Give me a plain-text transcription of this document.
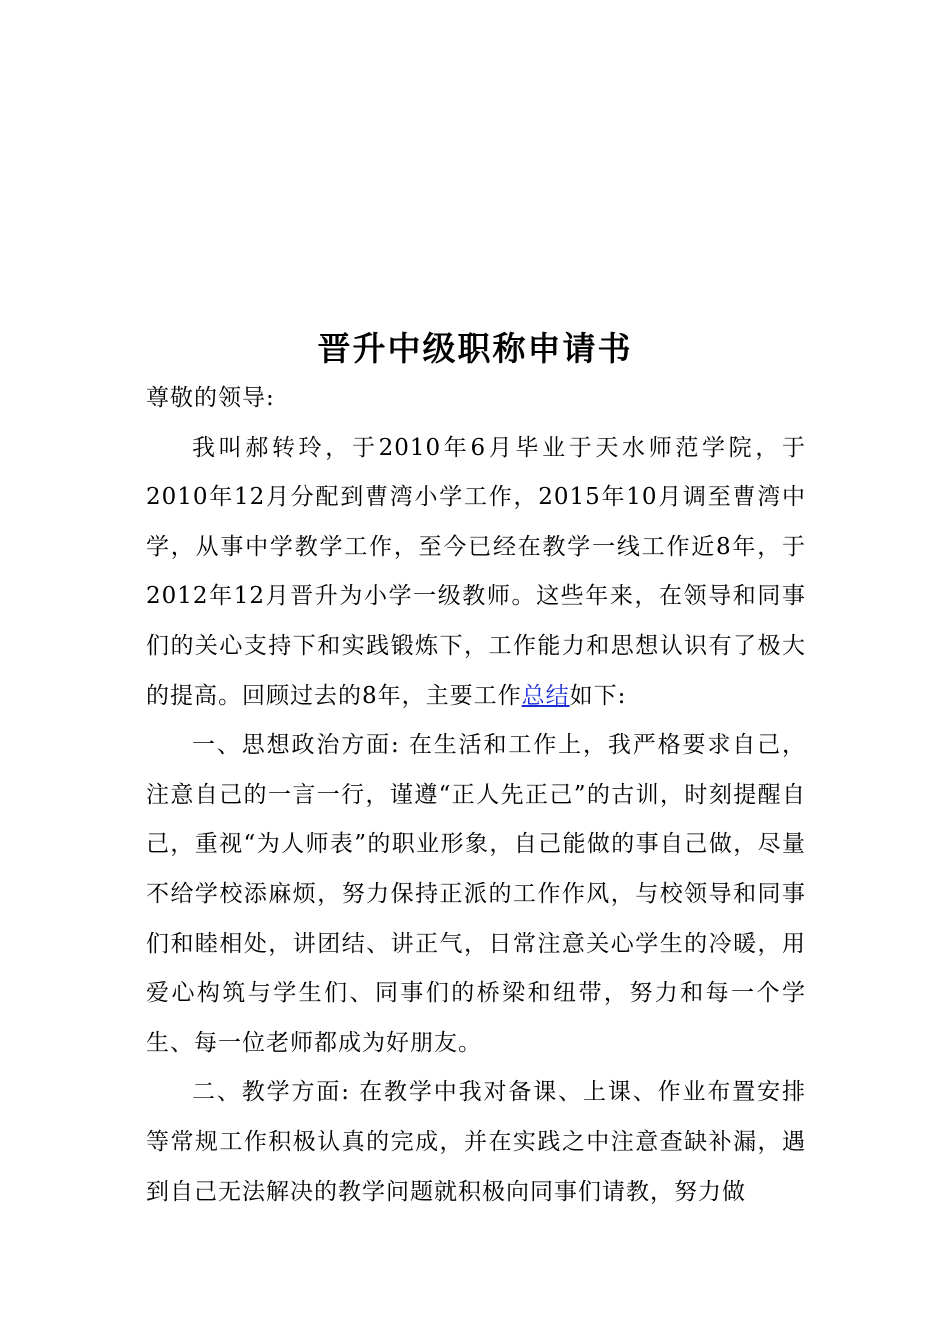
晋升中级职称申请书

尊敬的领导:

我叫郝转玲，于2010年6月毕业于天水师范学院，于2010年12月分配到曹湾小学工作，2015年10月调至曹湾中学，从事中学教学工作，至今已经在教学一线工作近8年，于2012年12月晋升为小学一级教师。这些年来，在领导和同事们的关心支持下和实践锻炼下，工作能力和思想认识有了极大的提高。回顾过去的8年，主要工作总结如下:

一、思想政治方面: 在生活和工作上，我严格要求自己，注意自己的一言一行，谨遵“正人先正己”的古训，时刻提醒自己，重视“为人师表”的职业形象，自己能做的事自己做，尽量不给学校添麻烦，努力保持正派的工作作风，与校领导和同事们和睦相处，讲团结、讲正气，日常注意关心学生的冷暖，用爱心构筑与学生们、同事们的桥梁和纽带，努力和每一个学生、每一位老师都成为好朋友。

二、教学方面: 在教学中我对备课、上课、作业布置安排等常规工作积极认真的完成，并在实践之中注意查缺补漏，遇到自己无法解决的教学问题就积极向同事们请教，努力做
